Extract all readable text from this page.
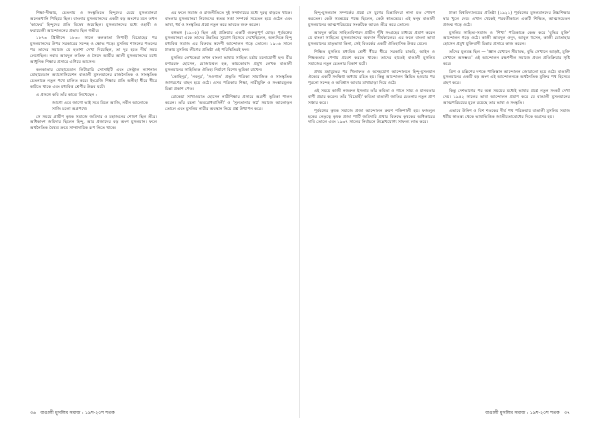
শিক্ষা-দীক্ষায়, চেতনায় ও সংস্কৃতিতে হিন্দুদের চেয়ে মুসলমানরা অনেকখানি পিছিয়ে ছিল। বাংলার মুসলমানদের একটা বড় অংশের মনে তখন 'কাফের' হিন্দুদের প্রতি বিদ্বেষ জমেছিল। মুসলমানদের মধ্যে ওহাবী ও ফরায়েজী আন্দোলনের প্রভাব ছিল গভীর।

১৮৭৩ খ্রিস্টাব্দে ১৮৩০ সালে কলকাতা সিপাহী বিদ্রোহের পর মুসলমানদের উপর সরকারের সন্দেহ ও ক্ষোভ পড়ে। মুসলিম শাসনের পতনের পর তাদের সমাজে যে হতাশা দেখা দিয়েছিল, তা দূর হতে দীর্ঘ সময় লেগেছিল। নবাব আবদুল লতিফ ও সৈয়দ আমীর আলী মুসলমানদের মধ্যে আধুনিক শিক্ষার প্রসারে এগিয়ে আসেন।

কলকাতার মোহামেডান লিটারারি সোসাইটি এবং সেন্ট্রাল ন্যাশনাল মোহামেডান অ্যাসোসিয়েশন বাঙালী মুসলমানের রাজনৈতিক ও সাংস্কৃতিক চেতনাকে নতুন পথে চালিত করে। ইংরেজি শিক্ষার প্রতি অনীহা ধীরে ধীরে কাটতে থাকে এবং মধ্যবিত্ত শ্রেণীর উদ্ভব ঘটে।

এ প্রসঙ্গে কবি তাঁর কাব্যে লিখেছেন :

জাগো এবে জাগো ভাই সবে মিলে আজি, নবীন আলোকে সাজি চলো অগ্রপথে।

সে সময়ে গ্রামীণ কৃষক সমাজে জমিদার ও মহাজনের শোষণ ছিল তীব্র। অধিকাংশ জমিদার ছিলেন হিন্দু, আর প্রজাদের বড় অংশ মুসলমান। ফলে অর্থনৈতিক বৈষম্য ক্রমে সাম্প্রদায়িক রূপ নিতে থাকে।

এর ফলে সমাজ ও রাজনীতিতে দুই সম্প্রদায়ের মধ্যে দূরত্ব বাড়তে থাকে। বাংলার মুসলমানরা নিজেদের স্বতন্ত্র সত্তা সম্পর্কে সচেতন হয়ে ওঠেন এবং ভাষা, ধর্ম ও সংস্কৃতির প্রশ্নে নতুন করে ভাবতে শুরু করেন।

বঙ্গভঙ্গ (১৯০৫) ছিল এই প্রক্রিয়ার একটি গুরুত্বপূর্ণ মোড়। পূর্ববঙ্গের মুসলমানরা একে তাদের উন্নতির সুযোগ হিসেবে দেখেছিলেন, অন্যদিকে হিন্দু মধ্যবিত্ত সমাজ এর বিরুদ্ধে স্বদেশী আন্দোলন গড়ে তোলে। ১৯০৬ সালে ঢাকায় মুসলিম লীগের প্রতিষ্ঠা এই পরিস্থিতিরই ফল।

মুসলিম লেখকেরা তখন বাংলা ভাষায় সাহিত্য চর্চায় মনোযোগী হন। মীর মশাররফ হোসেন, মোজাম্মেল হক, কায়কোবাদ প্রমুখ লেখক বাঙালী মুসলমানের সাহিত্যিক ঐতিহ্য নির্মাণে বিশেষ ভূমিকা রাখেন।

'কোহিনূর', 'নবনূর', 'সওগাত' প্রভৃতি পত্রিকা সামাজিক ও সাংস্কৃতিক জাগরণের বাহন হয়ে ওঠে। এসব পত্রিকায় শিক্ষা, নারীমুক্তি ও সংস্কারমূলক চিন্তা প্রকাশ পেত।

রোকেয়া সাখাওয়াত হোসেন নারীশিক্ষার প্রসারে অগ্রণী ভূমিকা পালন করেন। তাঁর রচনা 'অবরোধবাসিনী' ও 'সুলতানার স্বপ্ন' সমাজে আলোড়ন তোলে এবং মুসলিম নারীর অবস্থান নিয়ে প্রশ্ন উত্থাপন করে।

৩৬ বাঙালী মুসলিম সমাজ : ১৯শ-২০শ শতক

হিন্দু-মুসলমান সম্পর্কের প্রশ্নে সে যুগের চিন্তাবিদরা নানা মত পোষণ করতেন। কেউ সমন্বয়ের পক্ষে ছিলেন, কেউ স্বাতন্ত্র্যের। এই দ্বন্দ্ব বাঙালী মুসলমানের আত্মপরিচয়ের সংকটকে আরও তীব্র করে তোলে।

আবদুল করিম সাহিত্যবিশারদ প্রাচীন পুঁথি সংগ্রহের মাধ্যমে প্রমাণ করেন যে বাংলা সাহিত্যে মুসলমানদের অবদান দীর্ঘকালের। এর ফলে বাংলা ভাষা মুসলমানের মাতৃভাষা কিনা, সেই বিতর্কের একটি ঐতিহাসিক উত্তর মেলে।

শিক্ষিত মুসলিম মধ্যবিত্ত শ্রেণী ধীরে ধীরে সরকারি চাকরি, আইন ও শিক্ষকতার পেশায় প্রবেশ করতে থাকে। তাদের হাতেই বাঙালী মুসলিম সমাজের নতুন চেতনার বিকাশ ঘটে।

প্রথম মহাযুদ্ধের পর খিলাফত ও অসহযোগ আন্দোলনে হিন্দু-মুসলমান ঐক্যের একটি সংক্ষিপ্ত অধ্যায় রচিত হয়। কিন্তু আন্দোলন স্তিমিত হওয়ার পর পুরনো সন্দেহ ও অবিশ্বাস আবার মাথাচাড়া দিয়ে ওঠে।

এই সময়ে কাজী নজরুল ইসলাম তাঁর কবিতা ও গানে সাম্য ও মানবতার বাণী প্রচার করেন। তাঁর 'বিদ্রোহী' কবিতা বাঙালী জাতির চেতনায় নতুন প্রাণ সঞ্চার করে।

পূর্ববঙ্গের কৃষক সমাজে প্রজা আন্দোলন ক্রমশ শক্তিশালী হয়। ফজলুল হকের নেতৃত্বে কৃষক প্রজা পার্টি জমিদারি প্রথার বিরুদ্ধে কৃষকের অধিকারের দাবি তোলে এবং ১৯৩৭ সালের নির্বাচনে উল্লেখযোগ্য সাফল্য লাভ করে।

ঢাকা বিশ্ববিদ্যালয়ের প্রতিষ্ঠা (১৯২১) পূর্ববঙ্গের মুসলমানদের উচ্চশিক্ষার দ্বার খুলে দেয়। এখান থেকেই পরবর্তীকালে একটি শিক্ষিত, আত্মসচেতন প্রজন্ম গড়ে ওঠে।

মুসলিম সাহিত্য-সমাজ ও 'শিখা' পত্রিকাকে কেন্দ্র করে 'বুদ্ধির মুক্তি' আন্দোলন গড়ে ওঠে। কাজী আবদুল ওদুদ, আবুল হুসেন, কাজী মোতাহার হোসেন প্রমুখ যুক্তিবাদী চিন্তার প্রসারে কাজ করেন।

তাঁদের মূলমন্ত্র ছিল — 'জ্ঞান যেখানে সীমাবদ্ধ, বুদ্ধি সেখানে আড়ষ্ট, মুক্তি সেখানে অসম্ভব।' এই আন্দোলন রক্ষণশীল সমাজে প্রবল প্রতিক্রিয়ার সৃষ্টি করে।

ত্রিশ ও চল্লিশের দশকে পাকিস্তান আন্দোলন জোরালো হয়ে ওঠে। বাঙালী মুসলমানের একটি বড় অংশ এই আন্দোলনকে অর্থনৈতিক মুক্তির পথ হিসেবে গ্রহণ করে।

কিন্তু দেশভাগের পর অল্প সময়ের মধ্যেই ভাষার প্রশ্নে নতুন সংকট দেখা দেয়। ১৯৫২ সালের ভাষা আন্দোলন প্রমাণ করে যে বাঙালী মুসলমানের আত্মপরিচয়ের মূলে রয়েছে তার ভাষা ও সংস্কৃতি।

এভাবে উনিশ ও বিশ শতকের দীর্ঘ পথ পরিক্রমায় বাঙালী মুসলিম সমাজ ধর্মীয় স্বাতন্ত্র্য থেকে ভাষাভিত্তিক জাতীয়তাবোধের দিকে অগ্রসর হয়।

বাঙালী মুসলিম সমাজ : ১৯শ-২০শ শতক ৩৭
